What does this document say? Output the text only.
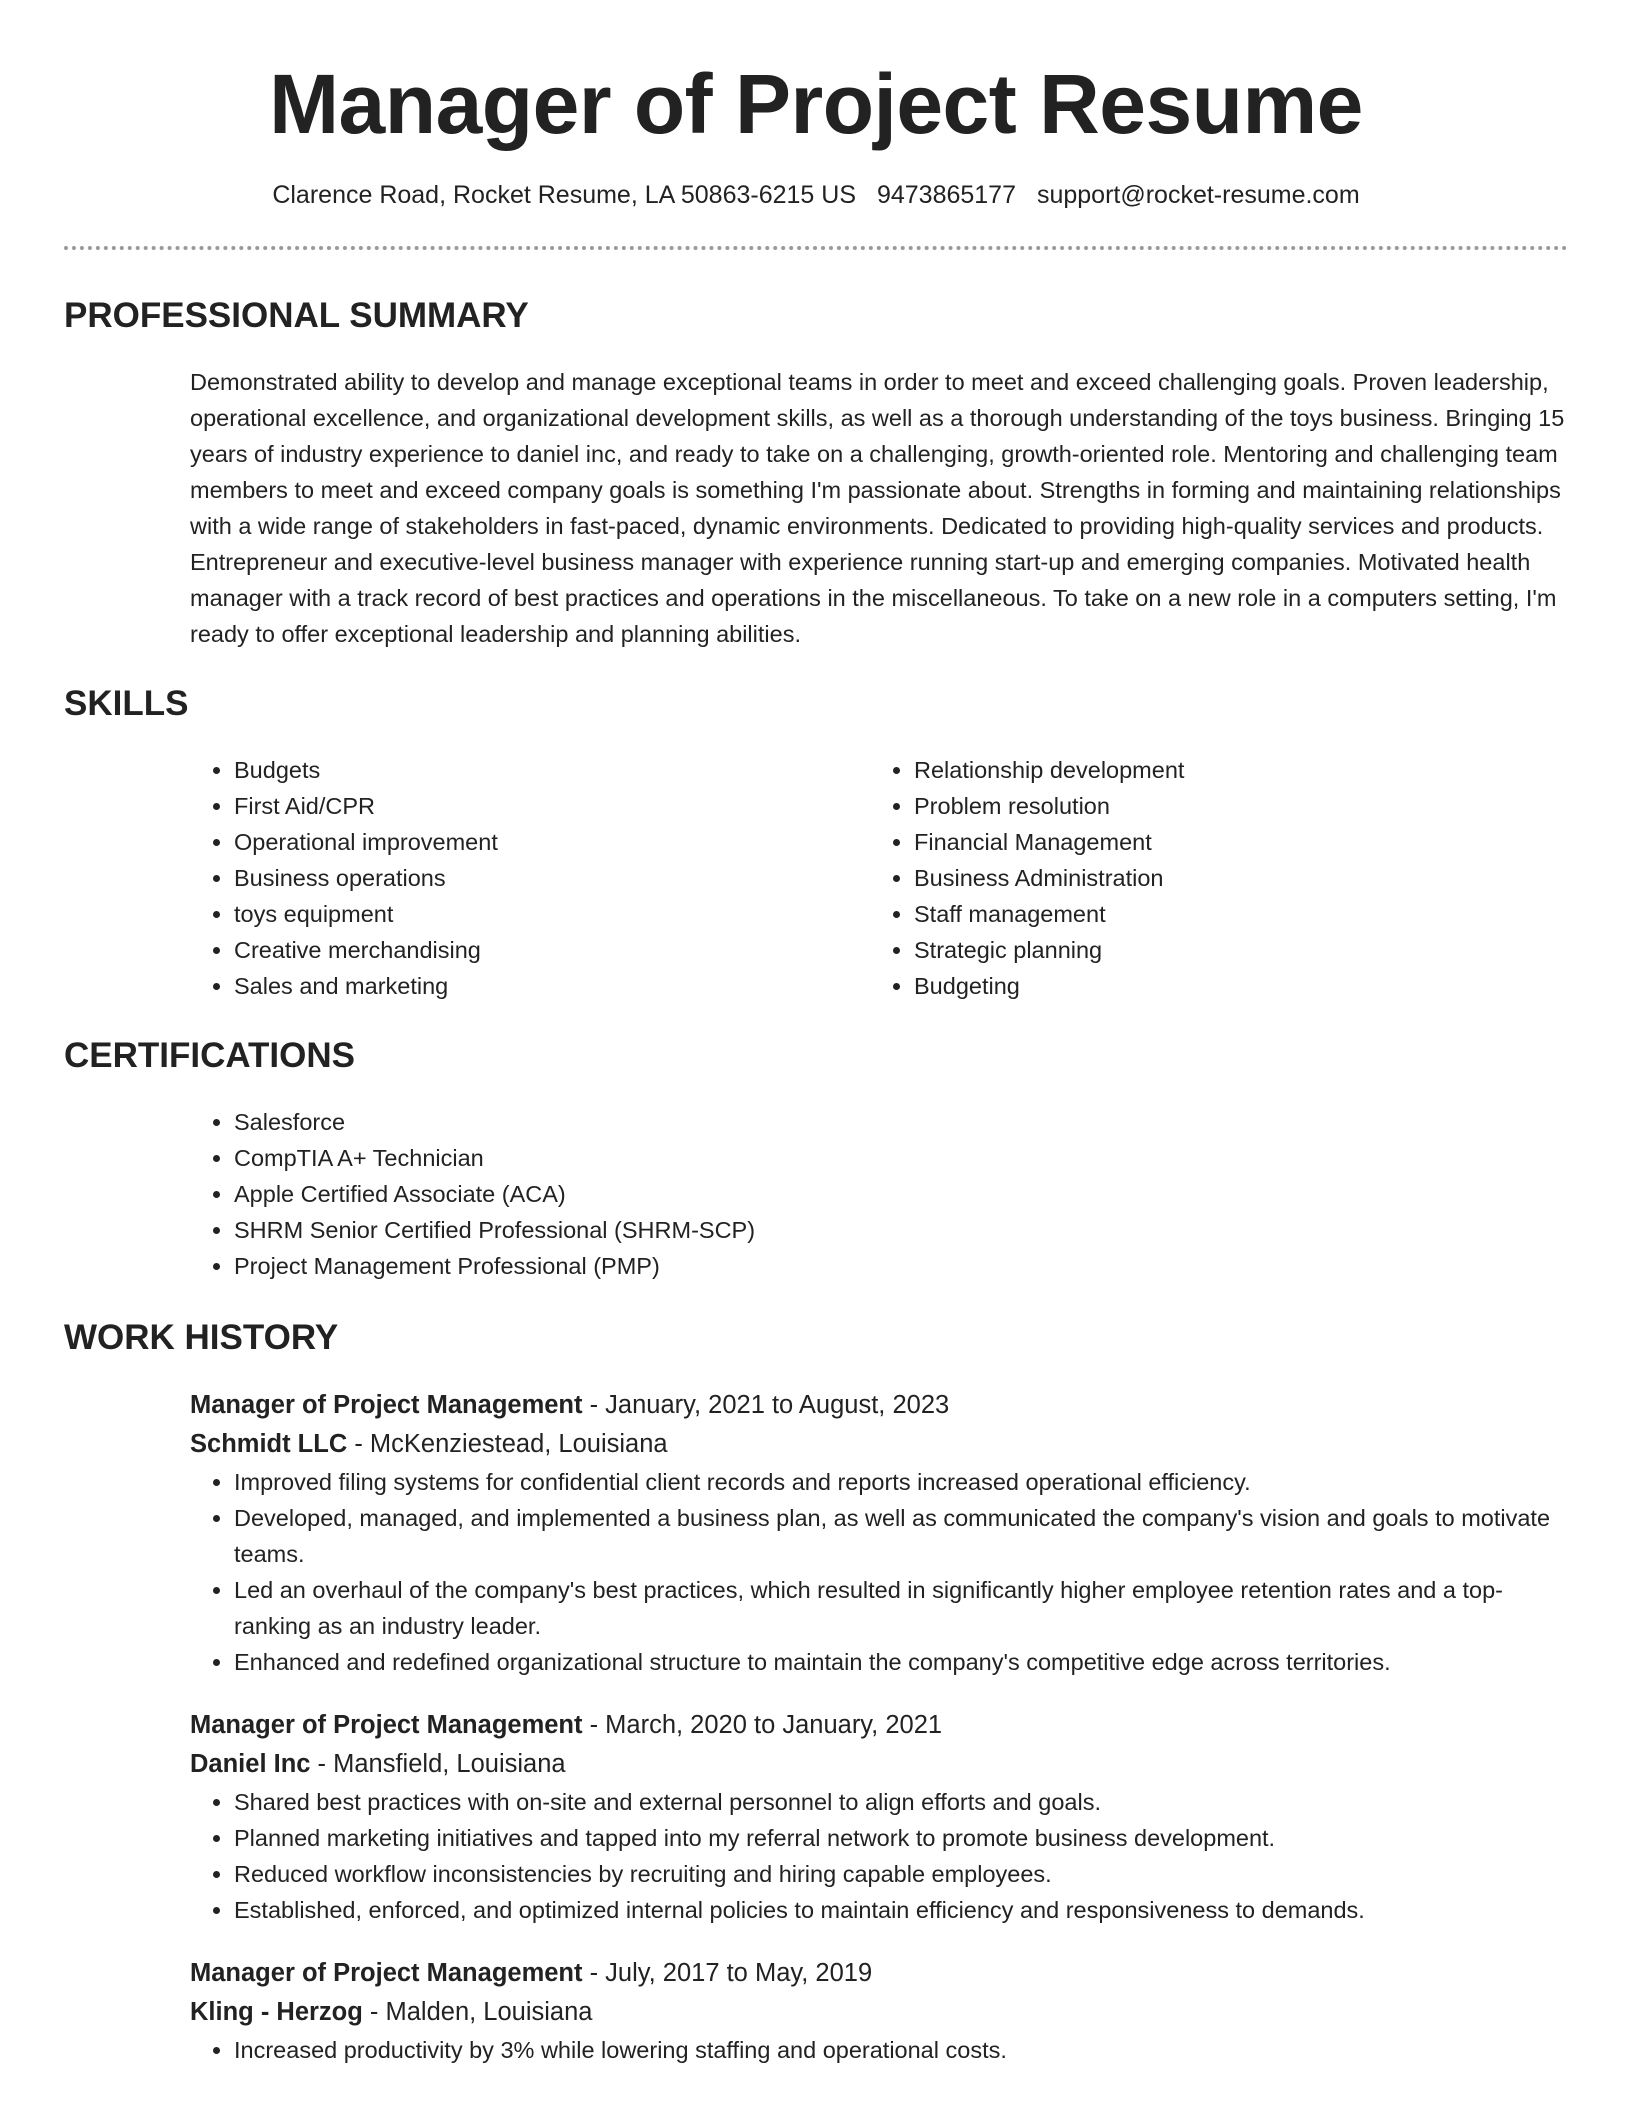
Manager of Project Resume
Clarence Road, Rocket Resume, LA 50863-6215 US 9473865177 support@rocket-resume.com
PROFESSIONAL SUMMARY

Demonstrated ability to develop and manage exceptional teams in order to meet and exceed challenging goals. Proven leadership, operational excellence, and organizational development skills, as well as a thorough understanding of the toys business. Bringing 15 years of industry experience to daniel inc, and ready to take on a challenging, growth-oriented role. Mentoring and challenging team members to meet and exceed company goals is something I'm passionate about. Strengths in forming and maintaining relationships with a wide range of stakeholders in fast-paced, dynamic environments. Dedicated to providing high-quality services and products. Entrepreneur and executive-level business manager with experience running start-up and emerging companies. Motivated health manager with a track record of best practices and operations in the miscellaneous. To take on a new role in a computers setting, I'm ready to offer exceptional leadership and planning abilities.

SKILLS
• Budgets
• First Aid/CPR
• Operational improvement
• Business operations
• toys equipment
• Creative merchandising
• Sales and marketing
• Relationship development
• Problem resolution
• Financial Management
• Business Administration
• Staff management
• Strategic planning
• Budgeting
CERTIFICATIONS
• Salesforce
• CompTIA A+ Technician
• Apple Certified Associate (ACA)
• SHRM Senior Certified Professional (SHRM-SCP)
• Project Management Professional (PMP)
WORK HISTORY
Manager of Project Management - January, 2021 to August, 2023
Schmidt LLC - McKenziestead, Louisiana
• Improved filing systems for confidential client records and reports increased operational efficiency.
• Developed, managed, and implemented a business plan, as well as communicated the company's vision and goals to motivate teams.
• Led an overhaul of the company's best practices, which resulted in significantly higher employee retention rates and a top-ranking as an industry leader.
• Enhanced and redefined organizational structure to maintain the company's competitive edge across territories.
Manager of Project Management - March, 2020 to January, 2021
Daniel Inc - Mansfield, Louisiana
• Shared best practices with on-site and external personnel to align efforts and goals.
• Planned marketing initiatives and tapped into my referral network to promote business development.
• Reduced workflow inconsistencies by recruiting and hiring capable employees.
• Established, enforced, and optimized internal policies to maintain efficiency and responsiveness to demands.
Manager of Project Management - July, 2017 to May, 2019
Kling - Herzog - Malden, Louisiana
• Increased productivity by 3% while lowering staffing and operational costs.
